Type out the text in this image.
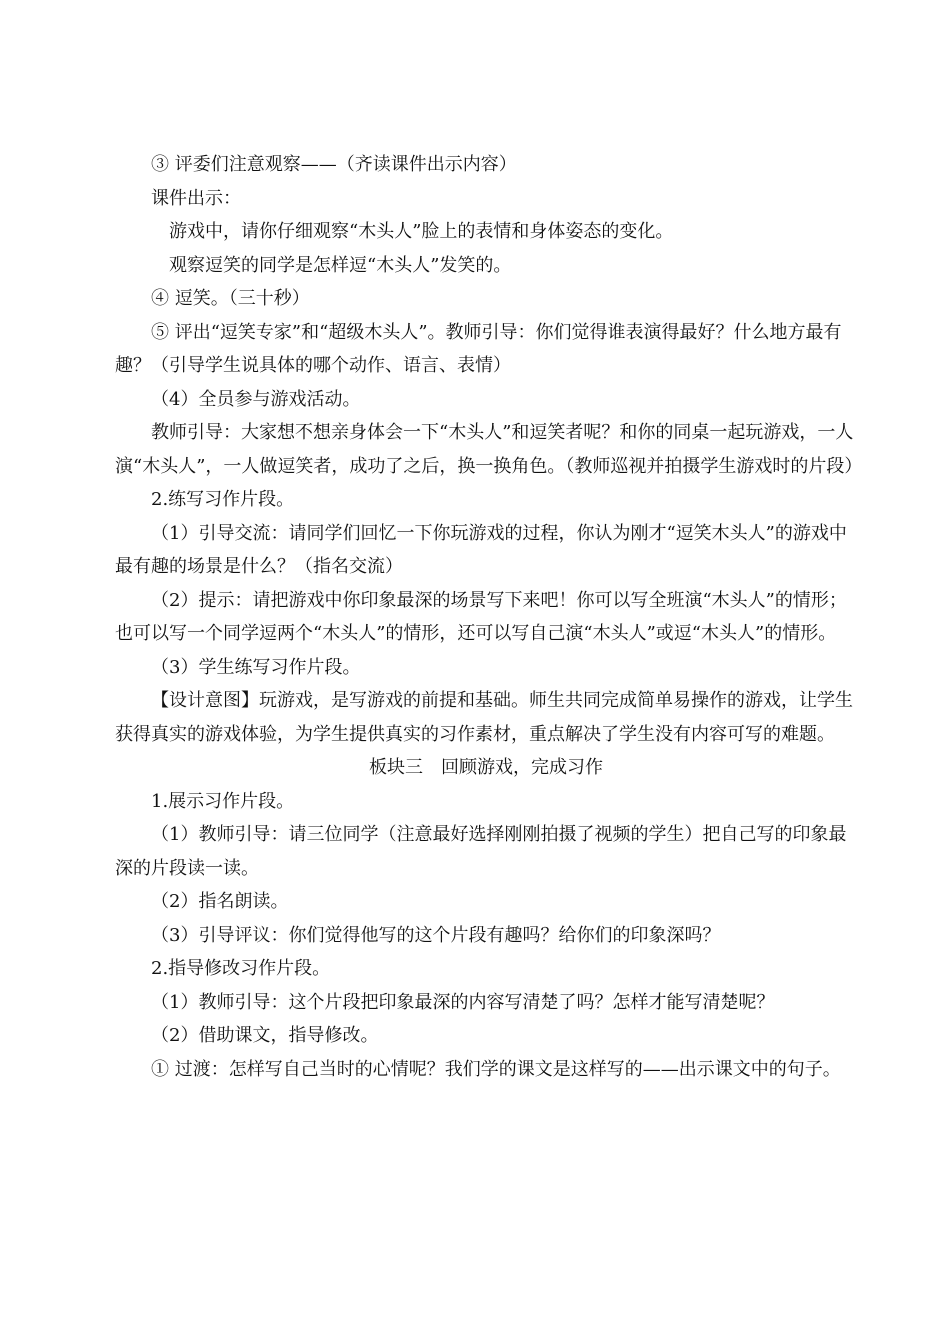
③ 评委们注意观察——（齐读课件出示内容）

课件出示：

游戏中，请你仔细观察“木头人”脸上的表情和身体姿态的变化。

观察逗笑的同学是怎样逗“木头人”发笑的。

④ 逗笑。（三十秒）

⑤ 评出“逗笑专家”和“超级木头人”。教师引导：你们觉得谁表演得最好？什么地方最有趣？（引导学生说具体的哪个动作、语言、表情）

（4）全员参与游戏活动。

教师引导：大家想不想亲身体会一下“木头人”和逗笑者呢？和你的同桌一起玩游戏，一人演“木头人”，一人做逗笑者，成功了之后，换一换角色。（教师巡视并拍摄学生游戏时的片段）

2.练写习作片段。

（1）引导交流：请同学们回忆一下你玩游戏的过程，你认为刚才“逗笑木头人”的游戏中最有趣的场景是什么？（指名交流）

（2）提示：请把游戏中你印象最深的场景写下来吧！你可以写全班演“木头人”的情形；也可以写一个同学逗两个“木头人”的情形，还可以写自己演“木头人”或逗“木头人”的情形。

（3）学生练写习作片段。

【设计意图】玩游戏，是写游戏的前提和基础。师生共同完成简单易操作的游戏，让学生获得真实的游戏体验，为学生提供真实的习作素材，重点解决了学生没有内容可写的难题。

板块三　回顾游戏，完成习作

1.展示习作片段。

（1）教师引导：请三位同学（注意最好选择刚刚拍摄了视频的学生）把自己写的印象最深的片段读一读。

（2）指名朗读。

（3）引导评议：你们觉得他写的这个片段有趣吗？给你们的印象深吗？

2.指导修改习作片段。

（1）教师引导：这个片段把印象最深的内容写清楚了吗？怎样才能写清楚呢？

（2）借助课文，指导修改。

① 过渡：怎样写自己当时的心情呢？我们学的课文是这样写的——出示课文中的句子。
